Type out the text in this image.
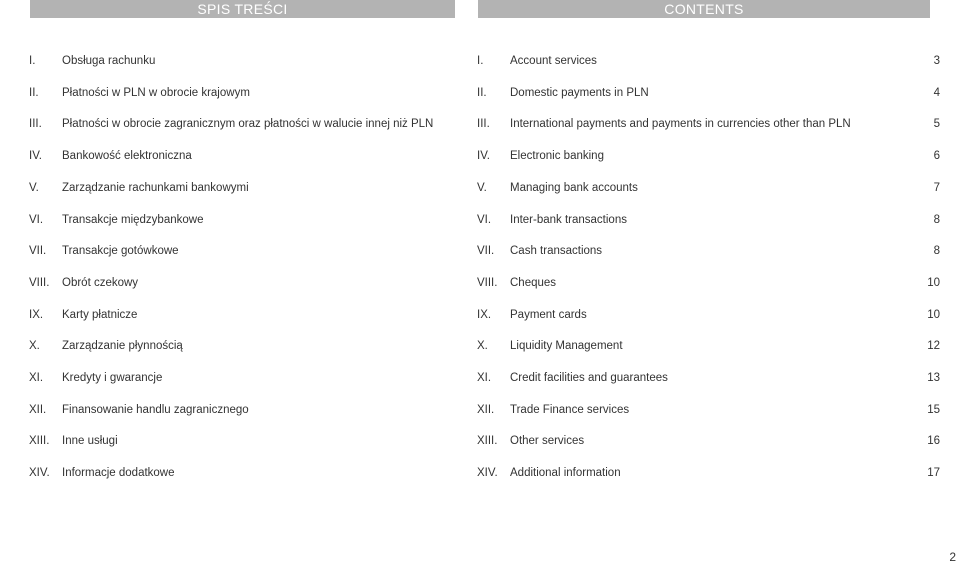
SPIS TREŚCI	CONTENTS
I. Obsługa rachunku
II. Płatności w PLN w obrocie krajowym
III. Płatności w obrocie zagranicznym oraz płatności w walucie innej niż PLN
IV. Bankowość elektroniczna
V. Zarządzanie rachunkami bankowymi
VI. Transakcje międzybankowe
VII. Transakcje gotówkowe
VIII. Obrót czekowy
IX. Karty płatnicze
X. Zarządzanie płynnością
XI. Kredyty i gwarancje
XII. Finansowanie handlu zagranicznego
XIII. Inne usługi
XIV. Informacje dodatkowe
I. Account services	3
II. Domestic payments in PLN	4
III. International payments and payments in currencies other than PLN	5
IV. Electronic banking	6
V. Managing bank accounts	7
VI. Inter-bank transactions	8
VII. Cash transactions	8
VIII. Cheques	10
IX. Payment cards	10
X. Liquidity Management	12
XI. Credit facilities and guarantees	13
XII. Trade Finance services	15
XIII. Other services	16
XIV. Additional information	17
2
